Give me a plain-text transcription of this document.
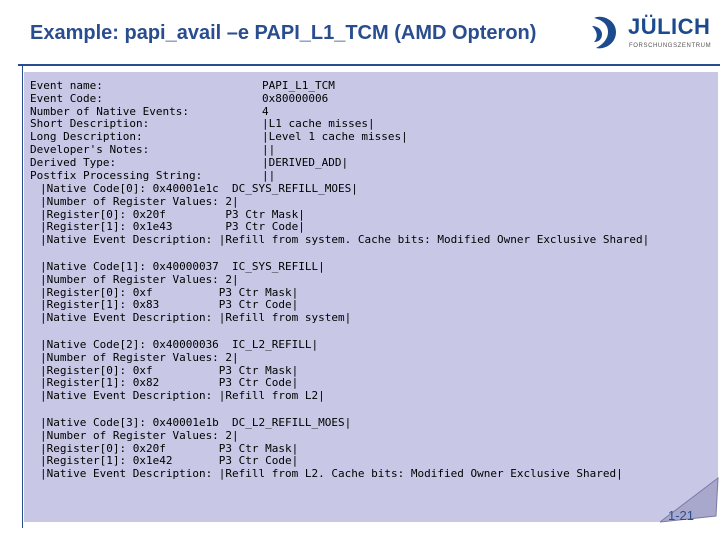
Example: papi_avail –e PAPI_L1_TCM (AMD Opteron)	JÜLICH
FORSCHUNGSZENTRUM
Event name:	PAPI_L1_TCM
Event Code:	0x80000006
Number of Native Events:	4
Short Description:	|L1 cache misses|
Long Description:	|Level 1 cache misses|
Developer's Notes:	||
Derived Type:	|DERIVED_ADD|
Postfix Processing String:	||
|Native Code[0]: 0x40001e1c  DC_SYS_REFILL_MOES|
|Number of Register Values: 2|
|Register[0]: 0x20f         P3 Ctr Mask|
|Register[1]: 0x1e43        P3 Ctr Code|
|Native Event Description: |Refill from system. Cache bits: Modified Owner Exclusive Shared|
|Native Code[1]: 0x40000037  IC_SYS_REFILL|
|Number of Register Values: 2|
|Register[0]: 0xf          P3 Ctr Mask|
|Register[1]: 0x83         P3 Ctr Code|
|Native Event Description: |Refill from system|
|Native Code[2]: 0x40000036  IC_L2_REFILL|
|Number of Register Values: 2|
|Register[0]: 0xf          P3 Ctr Mask|
|Register[1]: 0x82         P3 Ctr Code|
|Native Event Description: |Refill from L2|
|Native Code[3]: 0x40001e1b  DC_L2_REFILL_MOES|
|Number of Register Values: 2|
|Register[0]: 0x20f        P3 Ctr Mask|
|Register[1]: 0x1e42       P3 Ctr Code|
|Native Event Description: |Refill from L2. Cache bits: Modified Owner Exclusive Shared|
1-21
